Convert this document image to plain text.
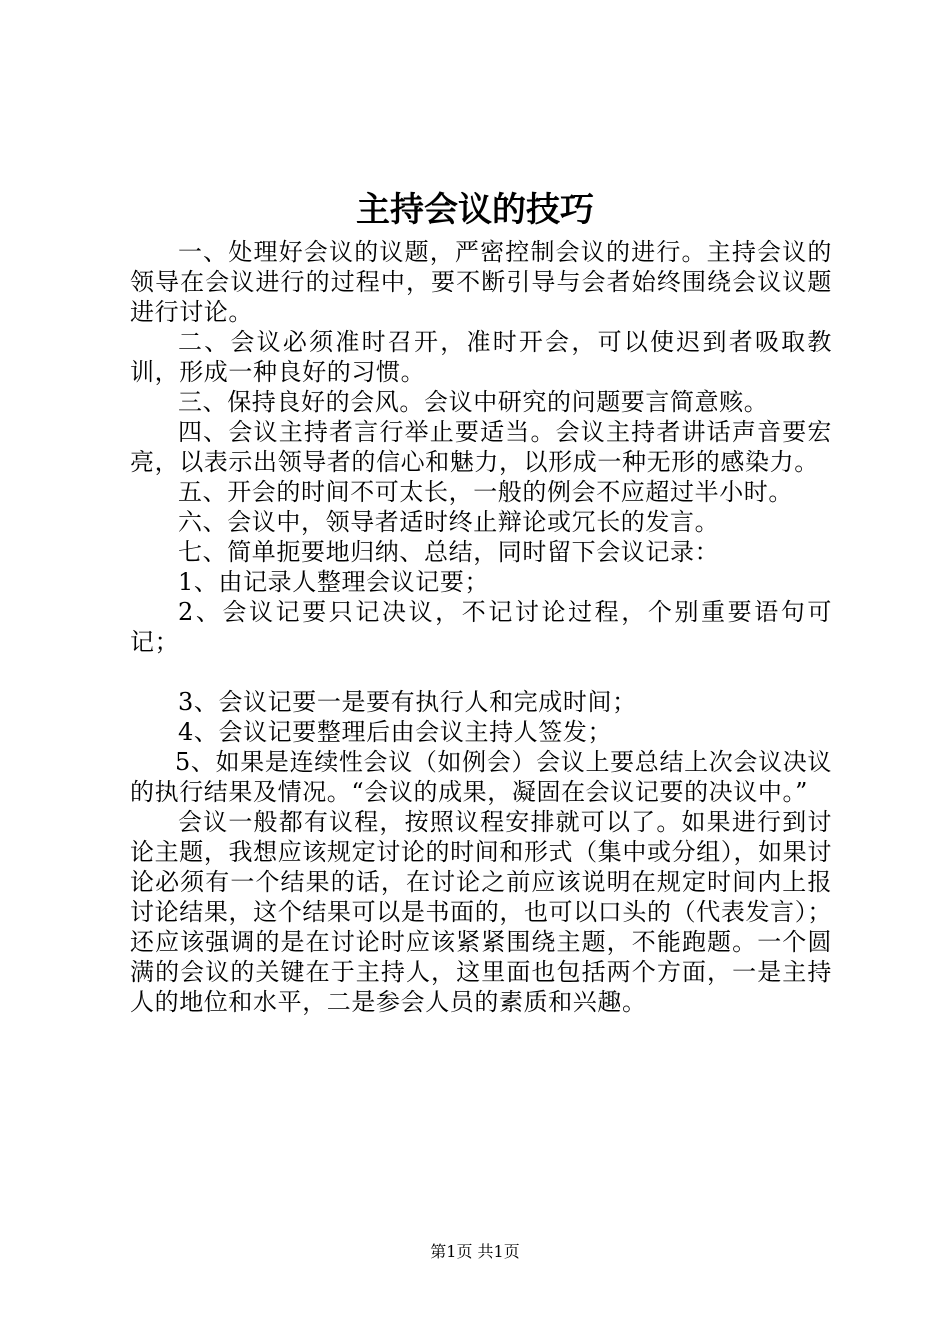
主持会议的技巧

一、处理好会议的议题，严密控制会议的进行。主持会议的领导在会议进行的过程中，要不断引导与会者始终围绕会议议题进行讨论。

二、会议必须准时召开，准时开会，可以使迟到者吸取教训，形成一种良好的习惯。

三、保持良好的会风。会议中研究的问题要言简意赅。

四、会议主持者言行举止要适当。会议主持者讲话声音要宏亮，以表示出领导者的信心和魅力，以形成一种无形的感染力。

五、开会的时间不可太长，一般的例会不应超过半小时。

六、会议中，领导者适时终止辩论或冗长的发言。

七、简单扼要地归纳、总结，同时留下会议记录：

1、由记录人整理会议记要；

2、会议记要只记决议，不记讨论过程，个别重要语句可记；

3、会议记要一是要有执行人和完成时间；

4、会议记要整理后由会议主持人签发；

5、如果是连续性会议（如例会）会议上要总结上次会议决议的执行结果及情况。“会议的成果，凝固在会议记要的决议中。”

会议一般都有议程，按照议程安排就可以了。如果进行到讨论主题，我想应该规定讨论的时间和形式（集中或分组），如果讨论必须有一个结果的话，在讨论之前应该说明在规定时间内上报讨论结果，这个结果可以是书面的，也可以口头的（代表发言）；还应该强调的是在讨论时应该紧紧围绕主题，不能跑题。一个圆满的会议的关键在于主持人，这里面也包括两个方面，一是主持人的地位和水平，二是参会人员的素质和兴趣。

第1页 共1页
